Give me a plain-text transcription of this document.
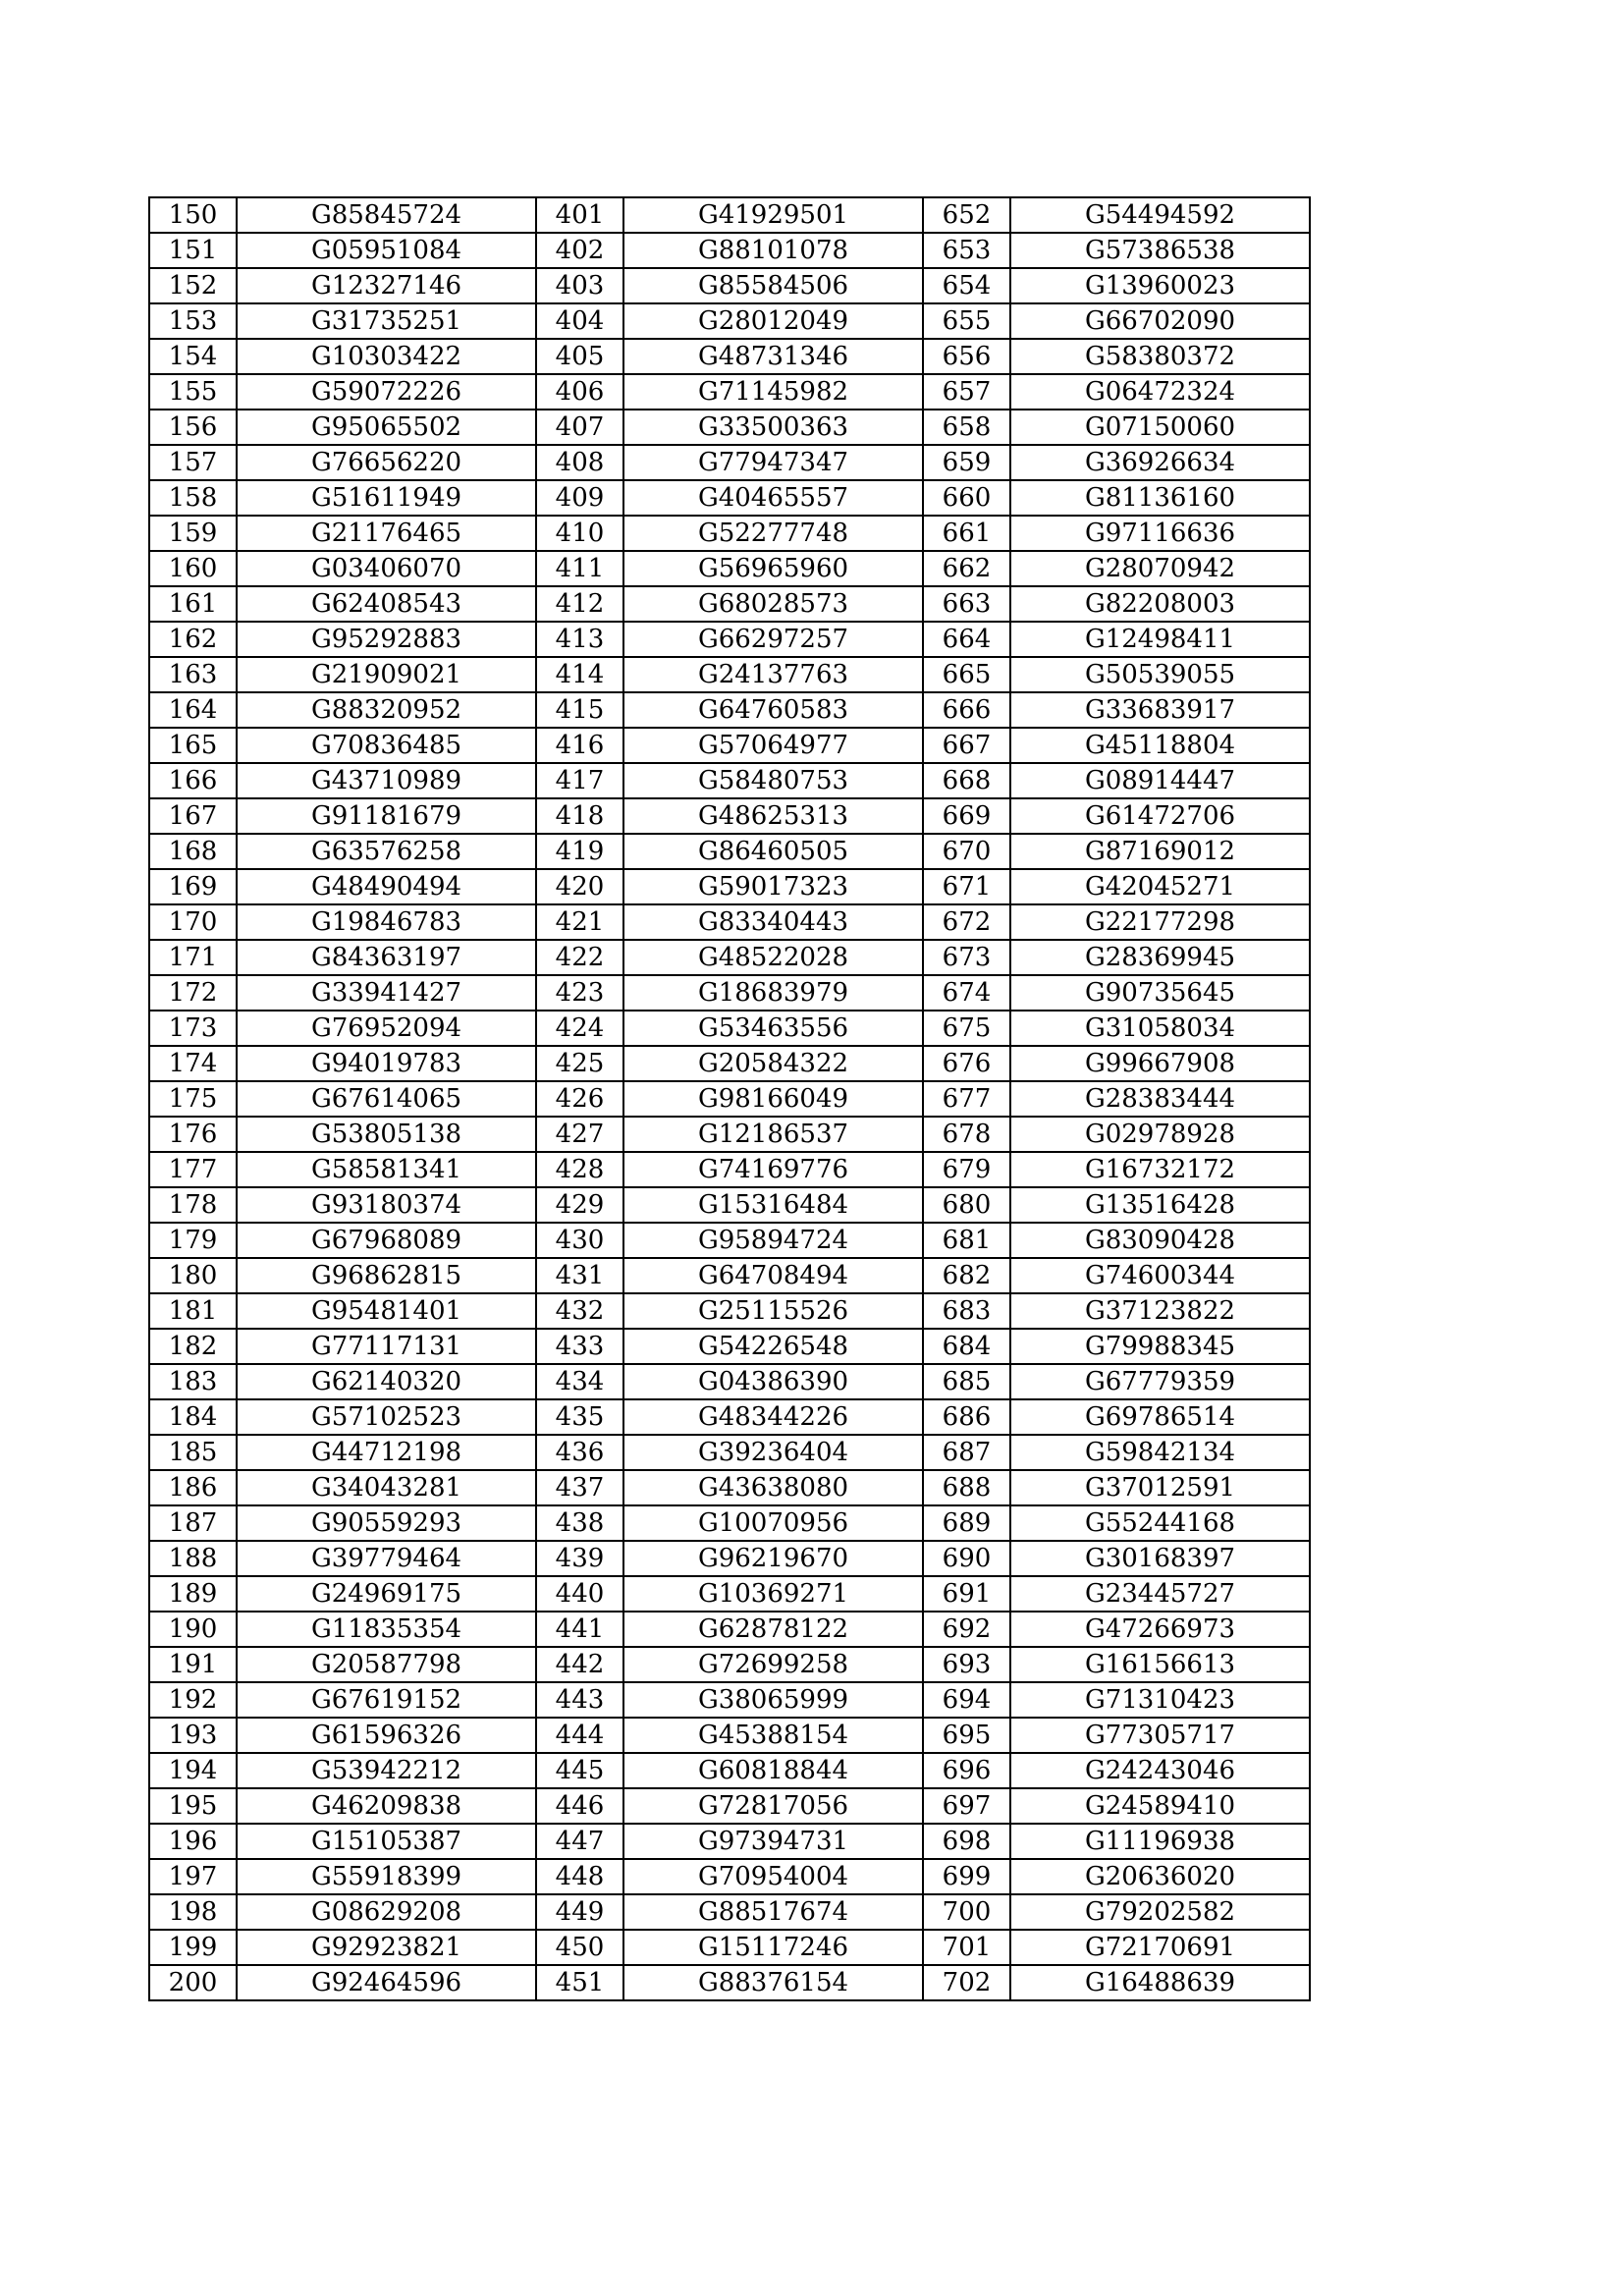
150	G85845724	401	G41929501	652	G54494592
151	G05951084	402	G88101078	653	G57386538
152	G12327146	403	G85584506	654	G13960023
153	G31735251	404	G28012049	655	G66702090
154	G10303422	405	G48731346	656	G58380372
155	G59072226	406	G71145982	657	G06472324
156	G95065502	407	G33500363	658	G07150060
157	G76656220	408	G77947347	659	G36926634
158	G51611949	409	G40465557	660	G81136160
159	G21176465	410	G52277748	661	G97116636
160	G03406070	411	G56965960	662	G28070942
161	G62408543	412	G68028573	663	G82208003
162	G95292883	413	G66297257	664	G12498411
163	G21909021	414	G24137763	665	G50539055
164	G88320952	415	G64760583	666	G33683917
165	G70836485	416	G57064977	667	G45118804
166	G43710989	417	G58480753	668	G08914447
167	G91181679	418	G48625313	669	G61472706
168	G63576258	419	G86460505	670	G87169012
169	G48490494	420	G59017323	671	G42045271
170	G19846783	421	G83340443	672	G22177298
171	G84363197	422	G48522028	673	G28369945
172	G33941427	423	G18683979	674	G90735645
173	G76952094	424	G53463556	675	G31058034
174	G94019783	425	G20584322	676	G99667908
175	G67614065	426	G98166049	677	G28383444
176	G53805138	427	G12186537	678	G02978928
177	G58581341	428	G74169776	679	G16732172
178	G93180374	429	G15316484	680	G13516428
179	G67968089	430	G95894724	681	G83090428
180	G96862815	431	G64708494	682	G74600344
181	G95481401	432	G25115526	683	G37123822
182	G77117131	433	G54226548	684	G79988345
183	G62140320	434	G04386390	685	G67779359
184	G57102523	435	G48344226	686	G69786514
185	G44712198	436	G39236404	687	G59842134
186	G34043281	437	G43638080	688	G37012591
187	G90559293	438	G10070956	689	G55244168
188	G39779464	439	G96219670	690	G30168397
189	G24969175	440	G10369271	691	G23445727
190	G11835354	441	G62878122	692	G47266973
191	G20587798	442	G72699258	693	G16156613
192	G67619152	443	G38065999	694	G71310423
193	G61596326	444	G45388154	695	G77305717
194	G53942212	445	G60818844	696	G24243046
195	G46209838	446	G72817056	697	G24589410
196	G15105387	447	G97394731	698	G11196938
197	G55918399	448	G70954004	699	G20636020
198	G08629208	449	G88517674	700	G79202582
199	G92923821	450	G15117246	701	G72170691
200	G92464596	451	G88376154	702	G16488639
